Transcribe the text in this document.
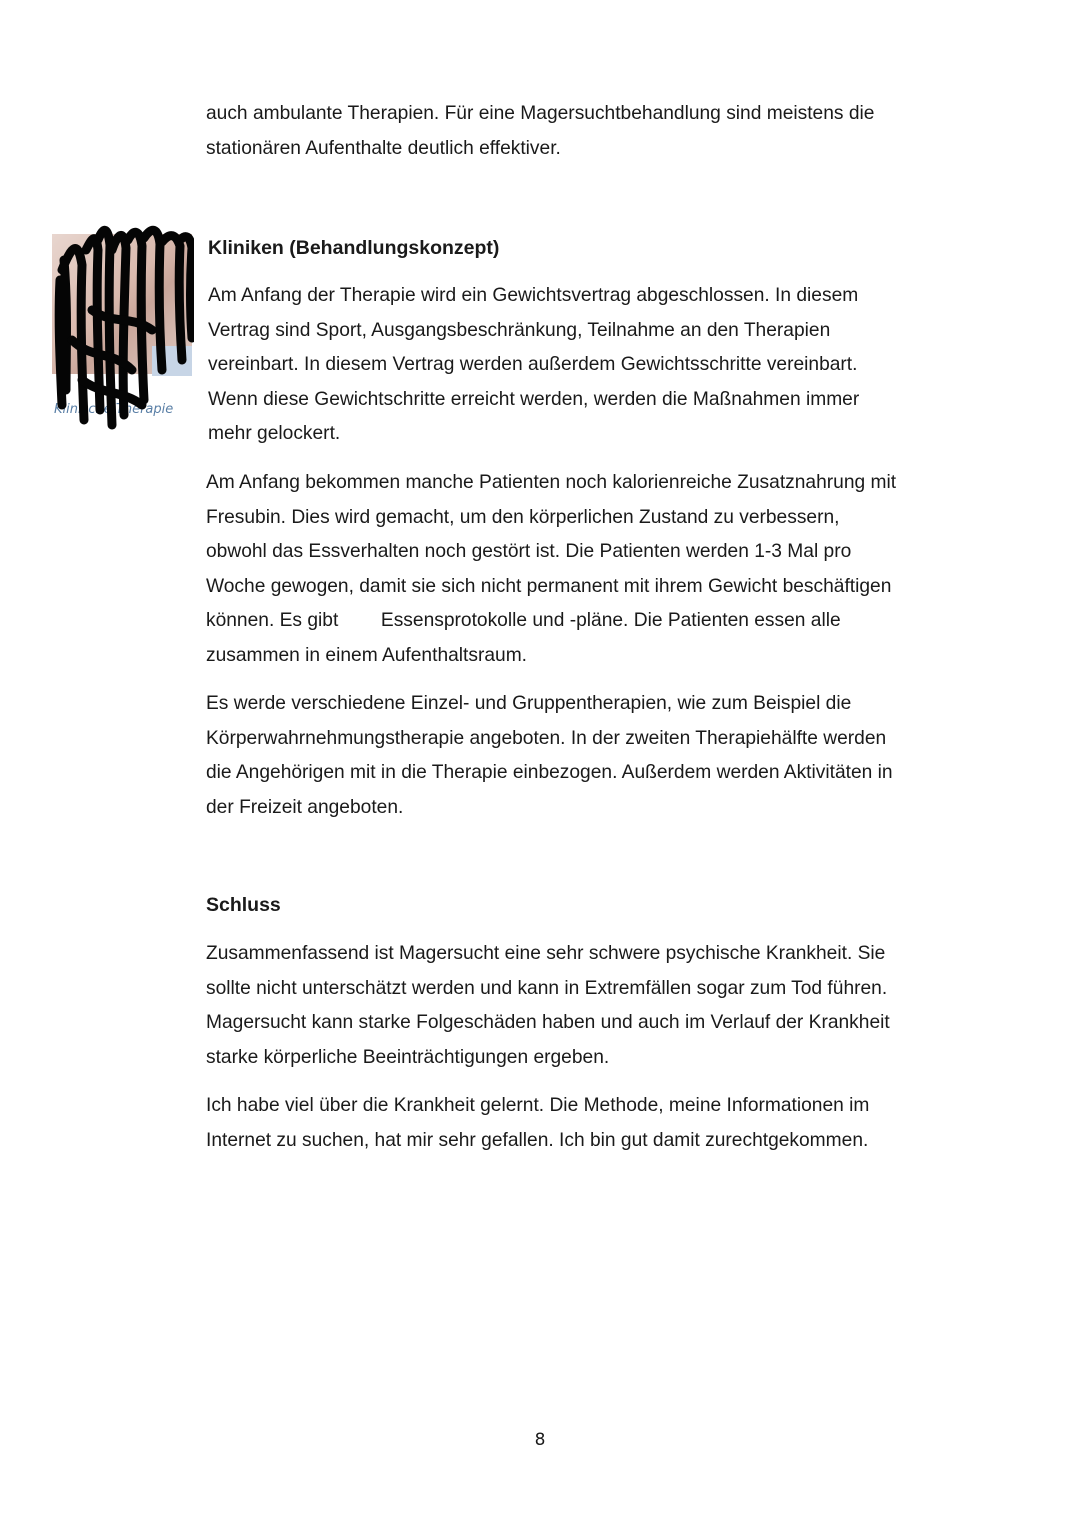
auch ambulante Therapien. Für eine Magersuchtbehandlung sind meistens die
stationären Aufenthalte deutlich effektiver.
Klinische Therapie
Kliniken (Behandlungskonzept)
Am Anfang der Therapie wird ein Gewichtsvertrag abgeschlossen. In diesem
Vertrag sind Sport, Ausgangsbeschränkung, Teilnahme an den Therapien
vereinbart. In diesem Vertrag werden außerdem Gewichtsschritte vereinbart.
Wenn diese Gewichtschritte erreicht werden, werden die Maßnahmen immer
mehr gelockert.
Am Anfang bekommen manche Patienten noch kalorienreiche Zusatznahrung mit
Fresubin. Dies wird gemacht, um den körperlichen Zustand zu verbessern,
obwohl das Essverhalten noch gestört ist. Die Patienten werden 1-3 Mal pro
Woche gewogen, damit sie sich nicht permanent mit ihrem Gewicht beschäftigen
können. Es gibt        Essensprotokolle und -pläne. Die Patienten essen alle
zusammen in einem Aufenthaltsraum.
Es werde verschiedene Einzel- und Gruppentherapien, wie zum Beispiel die
Körperwahrnehmungstherapie angeboten. In der zweiten Therapiehälfte werden
die Angehörigen mit in die Therapie einbezogen. Außerdem werden Aktivitäten in
der Freizeit angeboten.
Schluss
Zusammenfassend ist Magersucht eine sehr schwere psychische Krankheit. Sie
sollte nicht unterschätzt werden und kann in Extremfällen sogar zum Tod führen.
Magersucht kann starke Folgeschäden haben und auch im Verlauf der Krankheit
starke körperliche Beeinträchtigungen ergeben.
Ich habe viel über die Krankheit gelernt. Die Methode, meine Informationen im
Internet zu suchen, hat mir sehr gefallen. Ich bin gut damit zurechtgekommen.
8
